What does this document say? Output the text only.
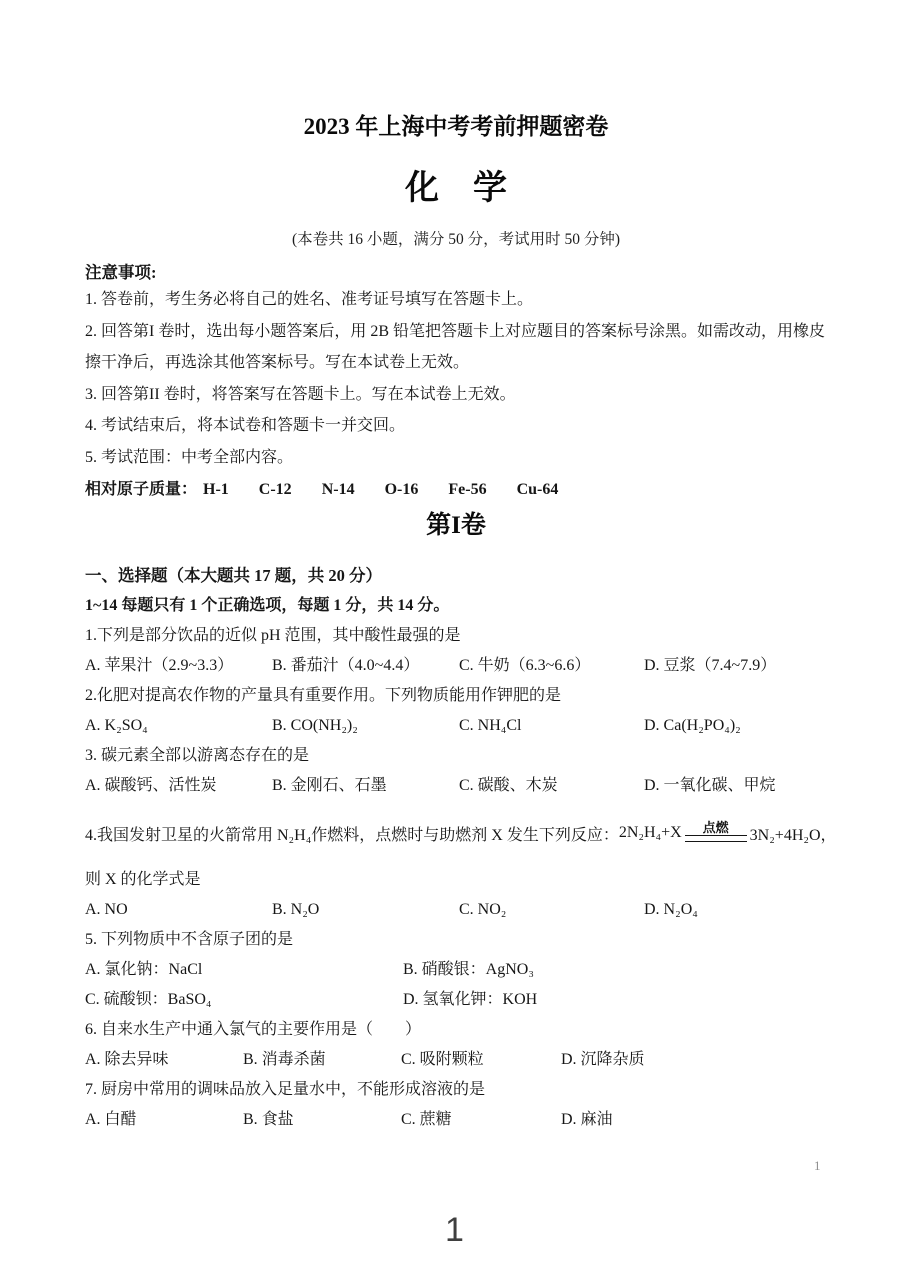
2023 年上海中考考前押题密卷
化　学
(本卷共 16 小题，满分 50 分，考试用时 50 分钟)
注意事项:
1. 答卷前，考生务必将自己的姓名、准考证号填写在答题卡上。
2. 回答第I 卷时，选出每小题答案后，用 2B 铅笔把答题卡上对应题目的答案标号涂黑。如需改动，用橡皮擦干净后，再选涂其他答案标号。写在本试卷上无效。
3. 回答第II 卷时，将答案写在答题卡上。写在本试卷上无效。
4. 考试结束后，将本试卷和答题卡一并交回。
5. 考试范围：中考全部内容。
相对原子质量： H-1 C-12 N-14 O-16 Fe-56 Cu-64
第I卷
一、选择题（本大题共 17 题，共 20 分）
1~14 每题只有 1 个正确选项，每题 1 分，共 14 分。
1.下列是部分饮品的近似 pH 范围，其中酸性最强的是
A. 苹果汁（2.9~3.3）	B. 番茄汁（4.0~4.4）	C. 牛奶（6.3~6.6）	D. 豆浆（7.4~7.9）
2.化肥对提高农作物的产量具有重要作用。下列物质能用作钾肥的是
A. K₂SO₄	B. CO(NH₂)₂	C. NH₄Cl	D. Ca(H₂PO₄)₂
3. 碳元素全部以游离态存在的是
A. 碳酸钙、活性炭	B. 金刚石、石墨	C. 碳酸、木炭	D. 一氧化碳、甲烷
4.我国发射卫星的火箭常用 N₂H₄作燃料，点燃时与助燃剂 X 发生下列反应： 2N₂H₄+X 点燃 3N₂+4H₂O，
则 X 的化学式是
A. NO	B. N₂O	C. NO₂	D. N₂O₄
5. 下列物质中不含原子团的是
A. 氯化钠：NaCl	B. 硝酸银：AgNO₃
C. 硫酸钡：BaSO₄	D. 氢氧化钾：KOH
6. 自来水生产中通入氯气的主要作用是（　　）
A. 除去异味	B. 消毒杀菌	C. 吸附颗粒	D. 沉降杂质
7. 厨房中常用的调味品放入足量水中，不能形成溶液的是
A. 白醋	B. 食盐	C. 蔗糖	D. 麻油
1
1
